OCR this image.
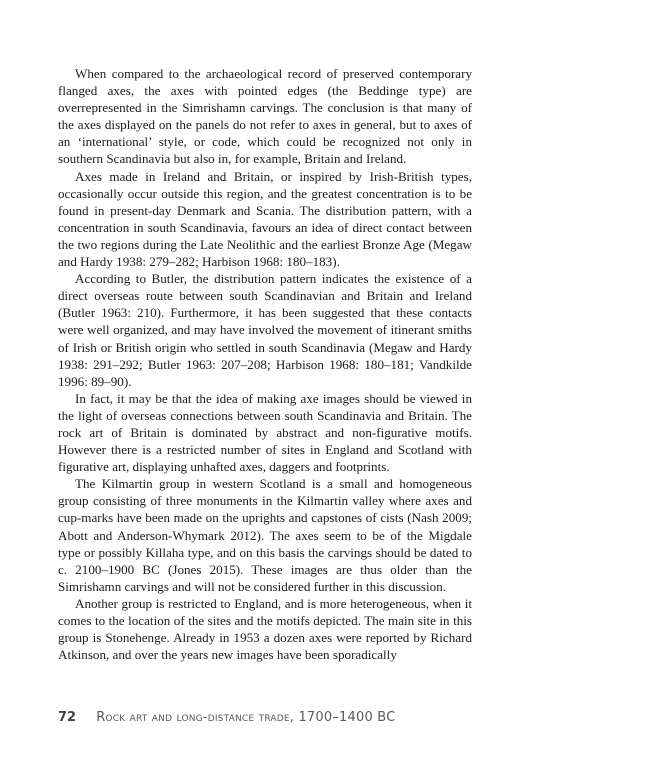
When compared to the archaeological record of preserved contemporary flanged axes, the axes with pointed edges (the Beddinge type) are overrepresented in the Simrishamn carvings. The conclusion is that many of the axes displayed on the panels do not refer to axes in general, but to axes of an ‘international’ style, or code, which could be recognized not only in southern Scandinavia but also in, for example, Britain and Ireland.

Axes made in Ireland and Britain, or inspired by Irish-British types, occasionally occur outside this region, and the greatest concentration is to be found in present-day Denmark and Scania. The distribution pattern, with a concentration in south Scandinavia, favours an idea of direct contact between the two regions during the Late Neolithic and the earliest Bronze Age (Megaw and Hardy 1938: 279–282; Harbison 1968: 180–183).

According to Butler, the distribution pattern indicates the existence of a direct overseas route between south Scandinavian and Britain and Ireland (Butler 1963: 210). Furthermore, it has been suggested that these contacts were well organized, and may have involved the movement of itinerant smiths of Irish or British origin who settled in south Scandinavia (Megaw and Hardy 1938: 291–292; Butler 1963: 207–208; Harbison 1968: 180–181; Vandkilde 1996: 89–90).

In fact, it may be that the idea of making axe images should be viewed in the light of overseas connections between south Scandinavia and Britain. The rock art of Britain is dominated by abstract and non-figurative motifs. However there is a restricted number of sites in England and Scotland with figurative art, displaying unhafted axes, daggers and footprints.

The Kilmartin group in western Scotland is a small and homogeneous group consisting of three monuments in the Kilmartin valley where axes and cup-marks have been made on the uprights and capstones of cists (Nash 2009; Abott and Anderson-Whymark 2012). The axes seem to be of the Migdale type or possibly Killaha type, and on this basis the carvings should be dated to c. 2100–1900 BC (Jones 2015). These images are thus older than the Simrishamn carvings and will not be considered further in this discussion.

Another group is restricted to England, and is more heterogeneous, when it comes to the location of the sites and the motifs depicted. The main site in this group is Stonehenge. Already in 1953 a dozen axes were reported by Richard Atkinson, and over the years new images have been sporadically

72 Rock art and long-distance trade, 1700–1400 BC
